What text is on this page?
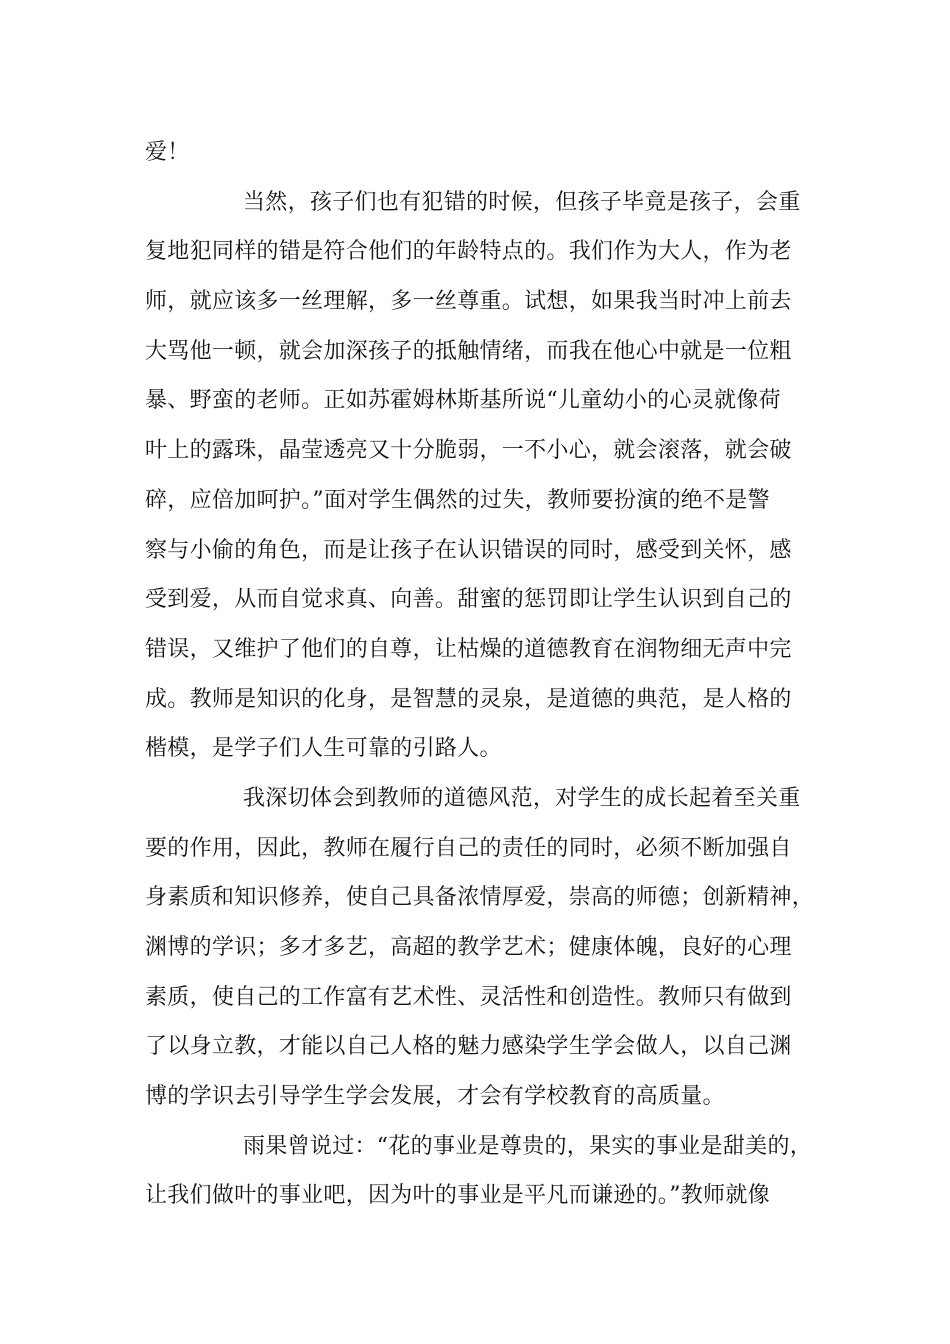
爱！
当然，孩子们也有犯错的时候，但孩子毕竟是孩子，会重
复地犯同样的错是符合他们的年龄特点的。我们作为大人，作为老
师，就应该多一丝理解，多一丝尊重。试想，如果我当时冲上前去
大骂他一顿，就会加深孩子的抵触情绪，而我在他心中就是一位粗
暴、野蛮的老师。正如苏霍姆林斯基所说“儿童幼小的心灵就像荷
叶上的露珠，晶莹透亮又十分脆弱，一不小心，就会滚落，就会破
碎，应倍加呵护。”面对学生偶然的过失，教师要扮演的绝不是警
察与小偷的角色，而是让孩子在认识错误的同时，感受到关怀，感
受到爱，从而自觉求真、向善。甜蜜的惩罚即让学生认识到自己的
错误，又维护了他们的自尊，让枯燥的道德教育在润物细无声中完
成。教师是知识的化身，是智慧的灵泉，是道德的典范，是人格的
楷模，是学子们人生可靠的引路人。
我深切体会到教师的道德风范，对学生的成长起着至关重
要的作用，因此，教师在履行自己的责任的同时，必须不断加强自
身素质和知识修养，使自己具备浓情厚爱，崇高的师德；创新精神，
渊博的学识；多才多艺，高超的教学艺术；健康体魄，良好的心理
素质，使自己的工作富有艺术性、灵活性和创造性。教师只有做到
了以身立教，才能以自己人格的魅力感染学生学会做人，以自己渊
博的学识去引导学生学会发展，才会有学校教育的高质量。
雨果曾说过：“花的事业是尊贵的，果实的事业是甜美的，
让我们做叶的事业吧，因为叶的事业是平凡而谦逊的。”教师就像
